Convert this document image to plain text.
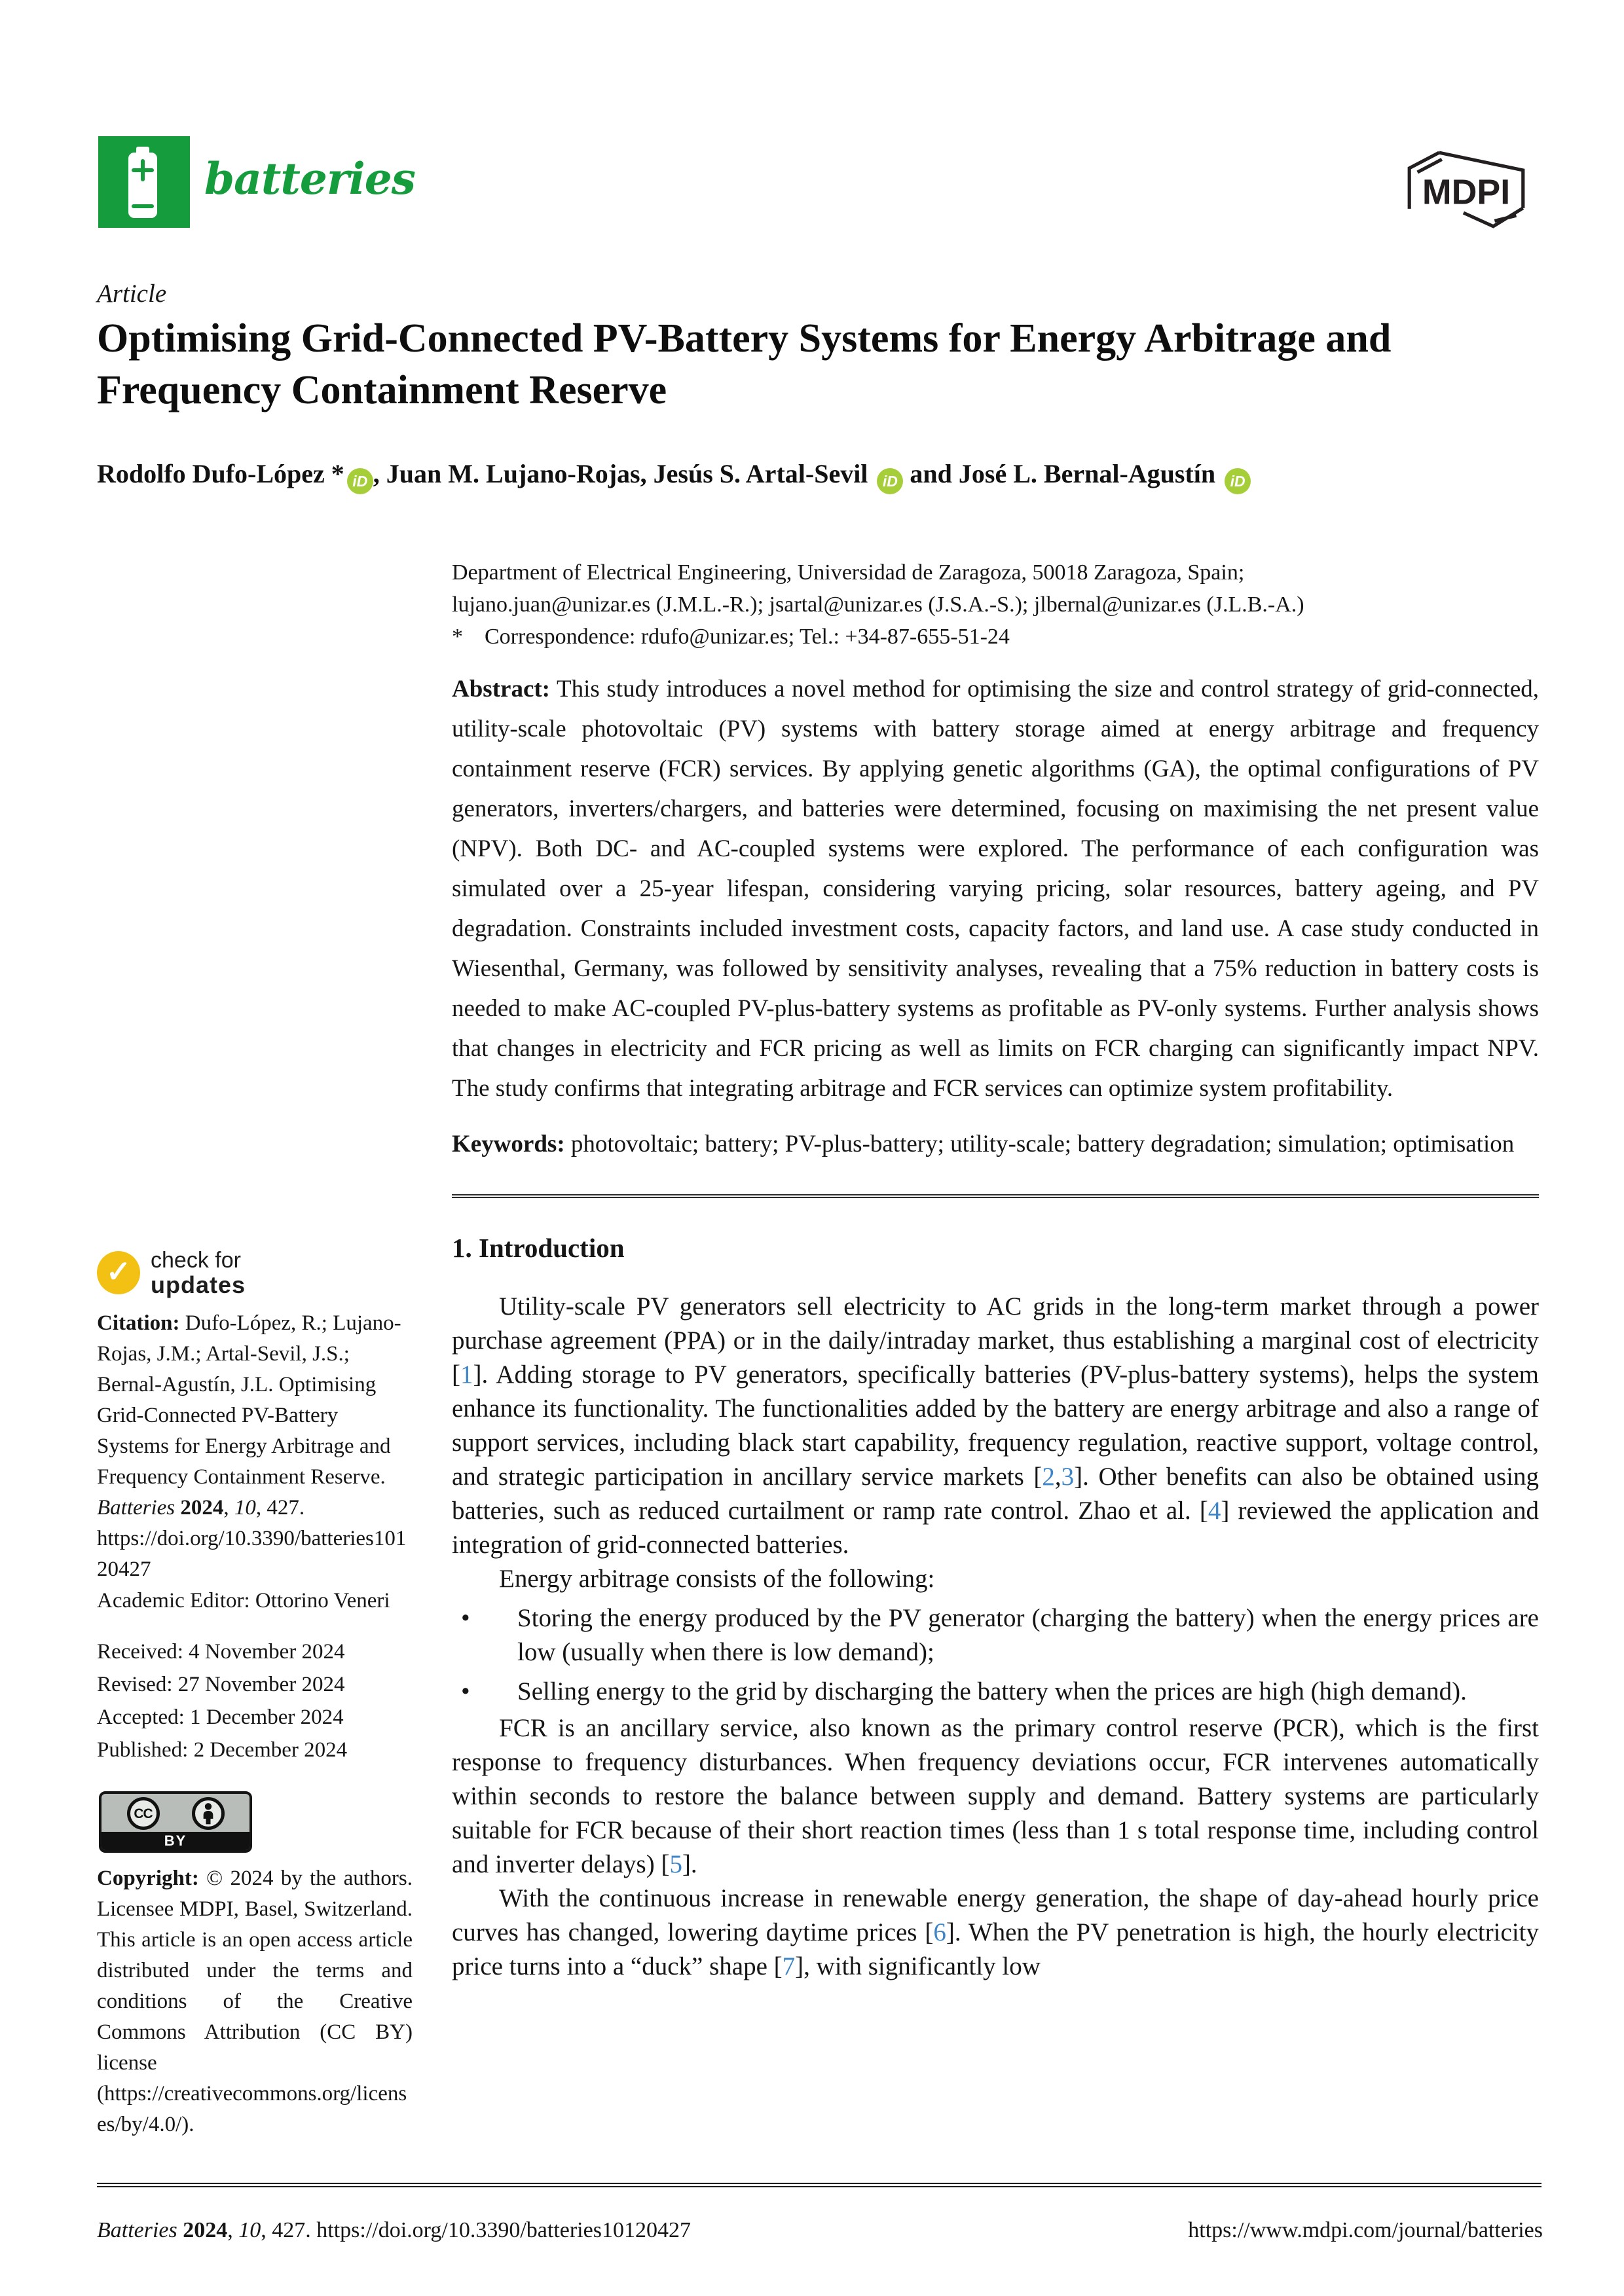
batteries	MDPI
Article
Optimising Grid-Connected PV-Battery Systems for Energy Arbitrage and Frequency Containment Reserve
Rodolfo Dufo-López * iD , Juan M. Lujano-Rojas, Jesús S. Artal-Sevil iD and José L. Bernal-Agustín iD
Department of Electrical Engineering, Universidad de Zaragoza, 50018 Zaragoza, Spain;
lujano.juan@unizar.es (J.M.L.-R.); jsartal@unizar.es (J.S.A.-S.); jlbernal@unizar.es (J.L.B.-A.)
* Correspondence: rdufo@unizar.es; Tel.: +34-87-655-51-24
Abstract: This study introduces a novel method for optimising the size and control strategy of grid-connected, utility-scale photovoltaic (PV) systems with battery storage aimed at energy arbitrage and frequency containment reserve (FCR) services. By applying genetic algorithms (GA), the optimal configurations of PV generators, inverters/chargers, and batteries were determined, focusing on maximising the net present value (NPV). Both DC- and AC-coupled systems were explored. The performance of each configuration was simulated over a 25-year lifespan, considering varying pricing, solar resources, battery ageing, and PV degradation. Constraints included investment costs, capacity factors, and land use. A case study conducted in Wiesenthal, Germany, was followed by sensitivity analyses, revealing that a 75% reduction in battery costs is needed to make AC-coupled PV-plus-battery systems as profitable as PV-only systems. Further analysis shows that changes in electricity and FCR pricing as well as limits on FCR charging can significantly impact NPV. The study confirms that integrating arbitrage and FCR services can optimize system profitability.
Keywords: photovoltaic; battery; PV-plus-battery; utility-scale; battery degradation; simulation; optimisation
1. Introduction

Utility-scale PV generators sell electricity to AC grids in the long-term market through a power purchase agreement (PPA) or in the daily/intraday market, thus establishing a marginal cost of electricity [1]. Adding storage to PV generators, specifically batteries (PV-plus-battery systems), helps the system enhance its functionality. The functionalities added by the battery are energy arbitrage and also a range of support services, including black start capability, frequency regulation, reactive support, voltage control, and strategic participation in ancillary service markets [2,3]. Other benefits can also be obtained using batteries, such as reduced curtailment or ramp rate control. Zhao et al. [4] reviewed the application and integration of grid-connected batteries.

Energy arbitrage consists of the following:

•
Storing the energy produced by the PV generator (charging the battery) when the energy prices are low (usually when there is low demand);
•
Selling energy to the grid by discharging the battery when the prices are high (high demand).

FCR is an ancillary service, also known as the primary control reserve (PCR), which is the first response to frequency disturbances. When frequency deviations occur, FCR intervenes automatically within seconds to restore the balance between supply and demand. Battery systems are particularly suitable for FCR because of their short reaction times (less than 1 s total response time, including control and inverter delays) [5].

With the continuous increase in renewable energy generation, the shape of day-ahead hourly price curves has changed, lowering daytime prices [6]. When the PV penetration is high, the hourly electricity price turns into a “duck” shape [7], with significantly low

✓ check for
updates
Citation: Dufo-López, R.; Lujano-Rojas, J.M.; Artal-Sevil, J.S.; Bernal-Agustín, J.L. Optimising Grid-Connected PV-Battery Systems for Energy Arbitrage and Frequency Containment Reserve. Batteries 2024, 10, 427. https://doi.org/10.3390/batteries10120427
Academic Editor: Ottorino Veneri
Received: 4 November 2024
Revised: 27 November 2024
Accepted: 1 December 2024
Published: 2 December 2024
CC
BY
Copyright: © 2024 by the authors. Licensee MDPI, Basel, Switzerland. This article is an open access article distributed under the terms and conditions of the Creative Commons Attribution (CC BY) license (https://creativecommons.org/licenses/by/4.0/).
Batteries 2024, 10, 427. https://doi.org/10.3390/batteries10120427	https://www.mdpi.com/journal/batteries
